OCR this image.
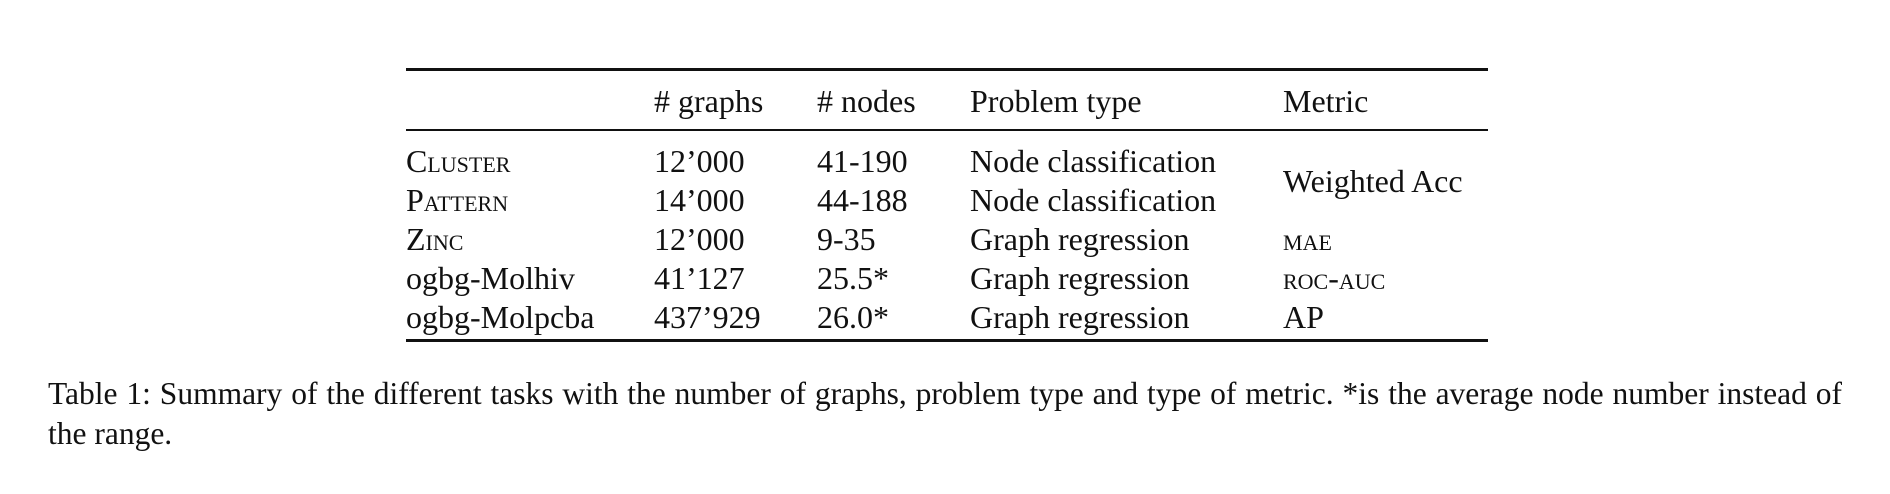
	# graphs	# nodes	Problem type	Metric
Cluster	12’000	41-190	Node classification	Weighted Acc
Pattern	14’000	44-188	Node classification	
Zinc	12’000	9-35	Graph regression	mae
ogbg-Molhiv	41’127	25.5*	Graph regression	roc-auc
ogbg-Molpcba	437’929	26.0*	Graph regression	AP
Table 1: Summary of the different tasks with the number of graphs, problem type and type of metric. *is the average node number instead of the range.
